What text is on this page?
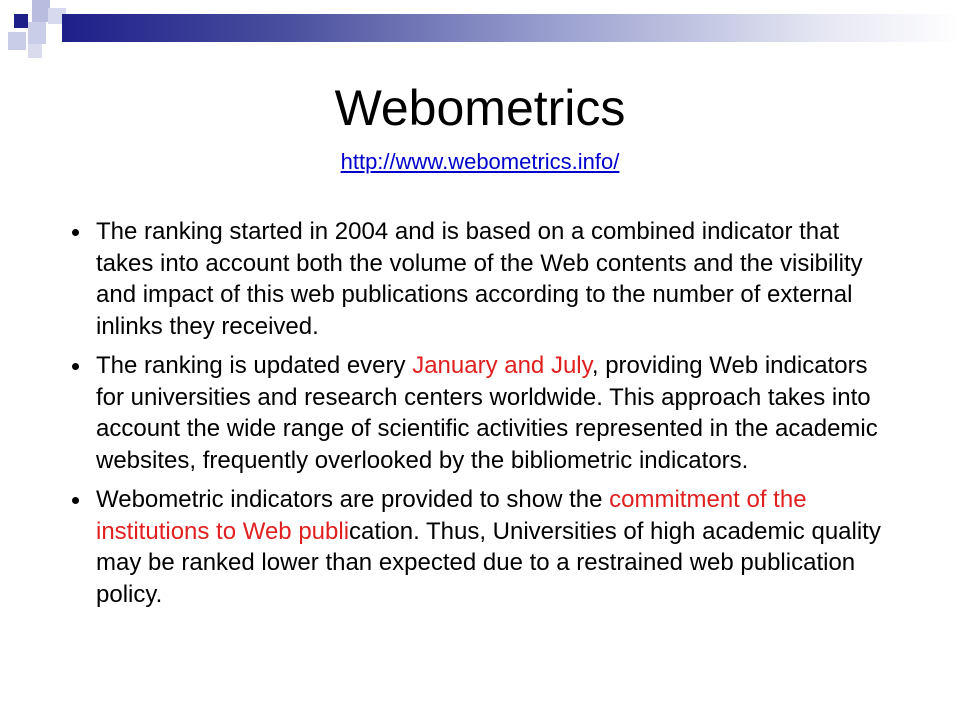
Webometrics
http://www.webometrics.info/
The ranking started in 2004 and is based on a combined indicator that takes into account both the volume of the Web contents and the visibility and impact of this web publications according to the number of external inlinks they received.
The ranking is updated every January and July, providing Web indicators for universities and research centers worldwide. This approach takes into account the wide range of scientific activities represented in the academic websites, frequently overlooked by the bibliometric indicators.
Webometric indicators are provided to show the commitment of the institutions to Web publication. Thus, Universities of high academic quality may be ranked lower than expected due to a restrained web publication policy.
